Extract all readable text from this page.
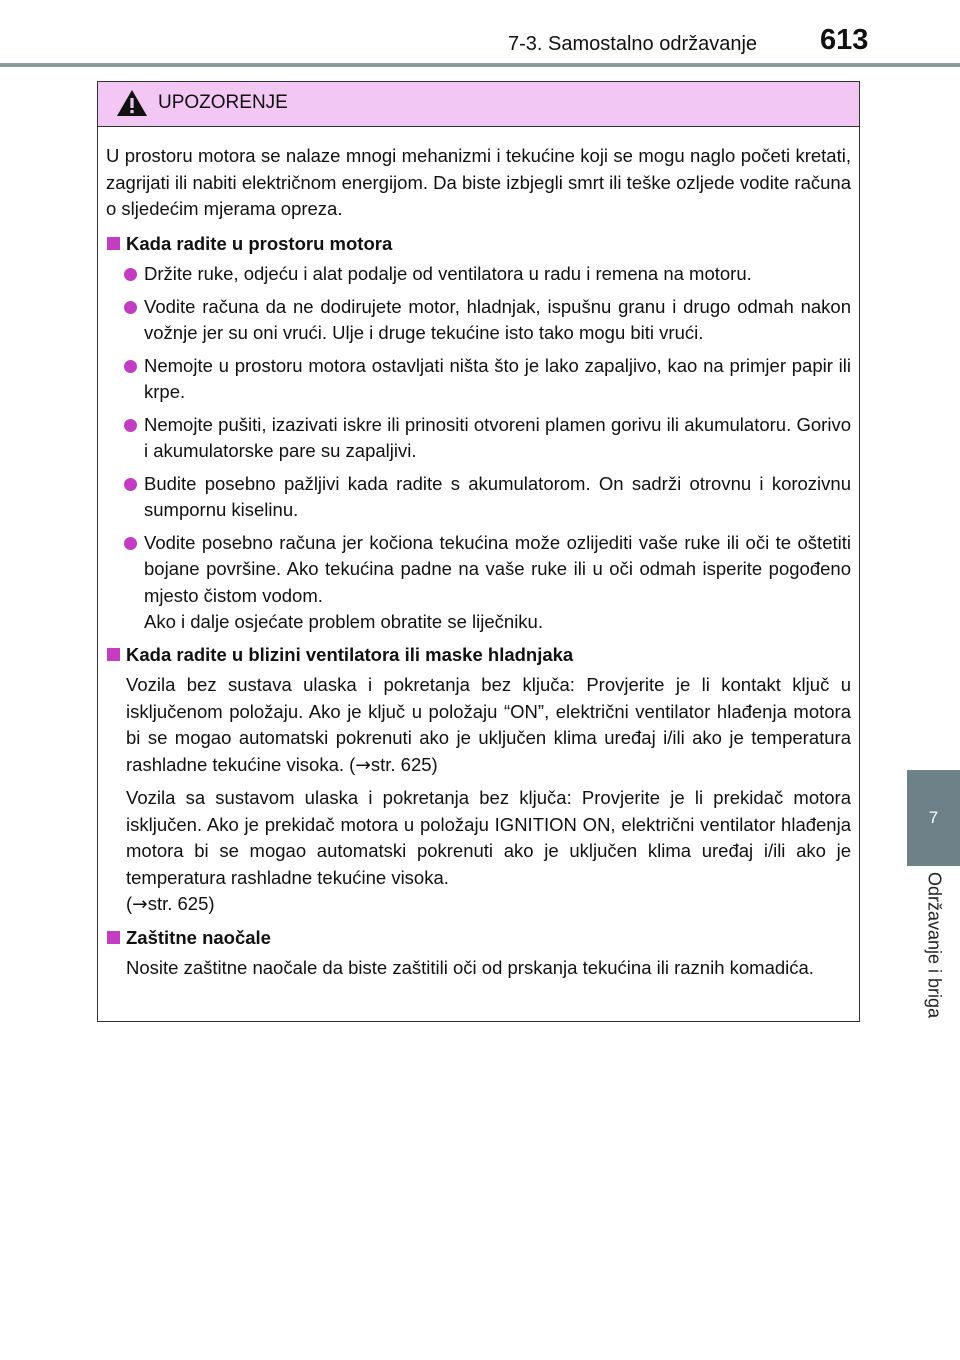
7-3. Samostalno održavanje 613
7
Održavanje i briga
UPOZORENJE

U prostoru motora se nalaze mnogi mehanizmi i tekućine koji se mogu naglo početi kretati, zagrijati ili nabiti električnom energijom. Da biste izbjegli smrt ili teške ozljede vodite računa o sljedećim mjerama opreza.

Kada radite u prostoru motora
Držite ruke, odjeću i alat podalje od ventilatora u radu i remena na motoru.
Vodite računa da ne dodirujete motor, hladnjak, ispušnu granu i drugo odmah nakon vožnje jer su oni vrući. Ulje i druge tekućine isto tako mogu biti vrući.
Nemojte u prostoru motora ostavljati ništa što je lako zapaljivo, kao na primjer papir ili krpe.
Nemojte pušiti, izazivati iskre ili prinositi otvoreni plamen gorivu ili akumulatoru. Gorivo i akumulatorske pare su zapaljivi.
Budite posebno pažljivi kada radite s akumulatorom. On sadrži otrovnu i korozivnu sumpornu kiselinu.
Vodite posebno računa jer kočiona tekućina može ozlijediti vaše ruke ili oči te oštetiti bojane površine. Ako tekućina padne na vaše ruke ili u oči odmah isperite pogođeno mjesto čistom vodom.
Ako i dalje osjećate problem obratite se liječniku.
Kada radite u blizini ventilatora ili maske hladnjaka

Vozila bez sustava ulaska i pokretanja bez ključa: Provjerite je li kontakt ključ u isključenom položaju. Ako je ključ u položaju “ON”, električni ventilator hlađenja motora bi se mogao automatski pokrenuti ako je uključen klima uređaj i/ili ako je temperatura rashladne tekućine visoka. (→str. 625)

Vozila sa sustavom ulaska i pokretanja bez ključa: Provjerite je li prekidač motora isključen. Ako je prekidač motora u položaju IGNITION ON, električni ventilator hlađenja motora bi se mogao automatski pokrenuti ako je uključen klima uređaj i/ili ako je temperatura rashladne tekućine visoka.
(→str. 625)

Zaštitne naočale

Nosite zaštitne naočale da biste zaštitili oči od prskanja tekućina ili raznih komadića.
